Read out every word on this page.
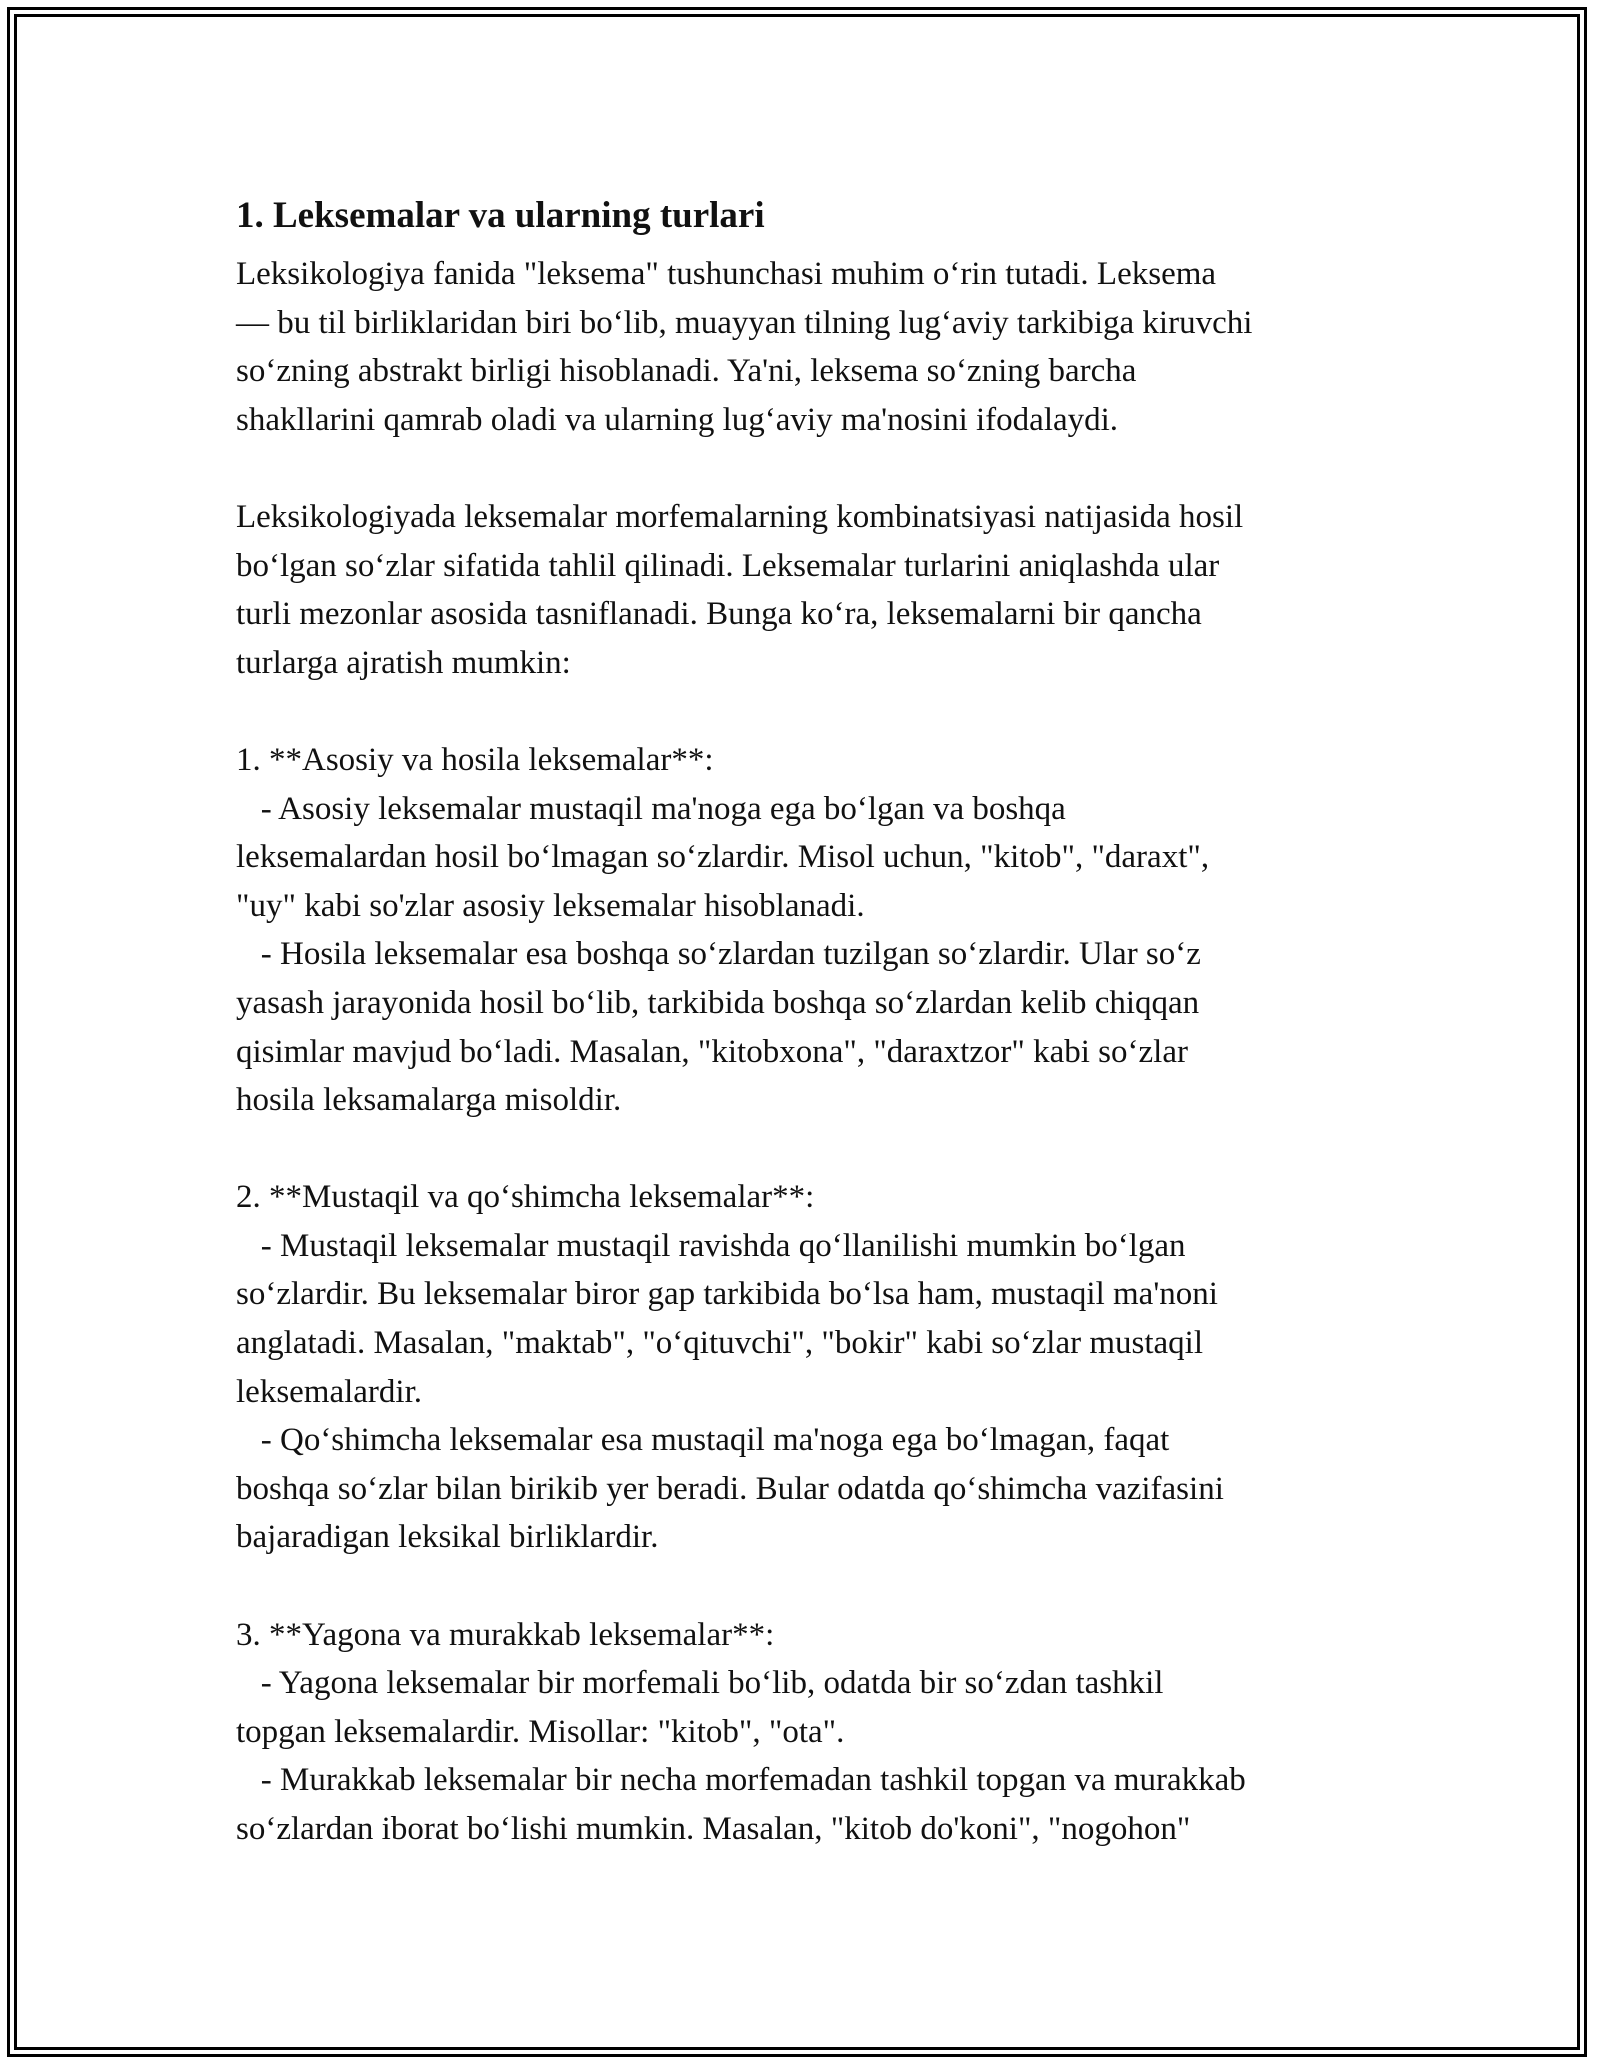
1. Leksemalar va ularning turlari
Leksikologiya fanida "leksema" tushunchasi muhim o‘rin tutadi. Leksema
— bu til birliklaridan biri bo‘lib, muayyan tilning lug‘aviy tarkibiga kiruvchi
so‘zning abstrakt birligi hisoblanadi. Ya'ni, leksema so‘zning barcha
shakllarini qamrab oladi va ularning lug‘aviy ma'nosini ifodalaydi.
Leksikologiyada leksemalar morfemalarning kombinatsiyasi natijasida hosil
bo‘lgan so‘zlar sifatida tahlil qilinadi. Leksemalar turlarini aniqlashda ular
turli mezonlar asosida tasniflanadi. Bunga ko‘ra, leksemalarni bir qancha
turlarga ajratish mumkin:
1. **Asosiy va hosila leksemalar**:
- Asosiy leksemalar mustaqil ma'noga ega bo‘lgan va boshqa
leksemalardan hosil bo‘lmagan so‘zlardir. Misol uchun, "kitob", "daraxt",
"uy" kabi so'zlar asosiy leksemalar hisoblanadi.
- Hosila leksemalar esa boshqa so‘zlardan tuzilgan so‘zlardir. Ular so‘z
yasash jarayonida hosil bo‘lib, tarkibida boshqa so‘zlardan kelib chiqqan
qisimlar mavjud bo‘ladi. Masalan, "kitobxona", "daraxtzor" kabi so‘zlar
hosila leksamalarga misoldir.
2. **Mustaqil va qo‘shimcha leksemalar**:
- Mustaqil leksemalar mustaqil ravishda qo‘llanilishi mumkin bo‘lgan
so‘zlardir. Bu leksemalar biror gap tarkibida bo‘lsa ham, mustaqil ma'noni
anglatadi. Masalan, "maktab", "o‘qituvchi", "bokir" kabi so‘zlar mustaqil
leksemalardir.
- Qo‘shimcha leksemalar esa mustaqil ma'noga ega bo‘lmagan, faqat
boshqa so‘zlar bilan birikib yer beradi. Bular odatda qo‘shimcha vazifasini
bajaradigan leksikal birliklardir.
3. **Yagona va murakkab leksemalar**:
- Yagona leksemalar bir morfemali bo‘lib, odatda bir so‘zdan tashkil
topgan leksemalardir. Misollar: "kitob", "ota".
- Murakkab leksemalar bir necha morfemadan tashkil topgan va murakkab
so‘zlardan iborat bo‘lishi mumkin. Masalan, "kitob do'koni", "nogohon"
